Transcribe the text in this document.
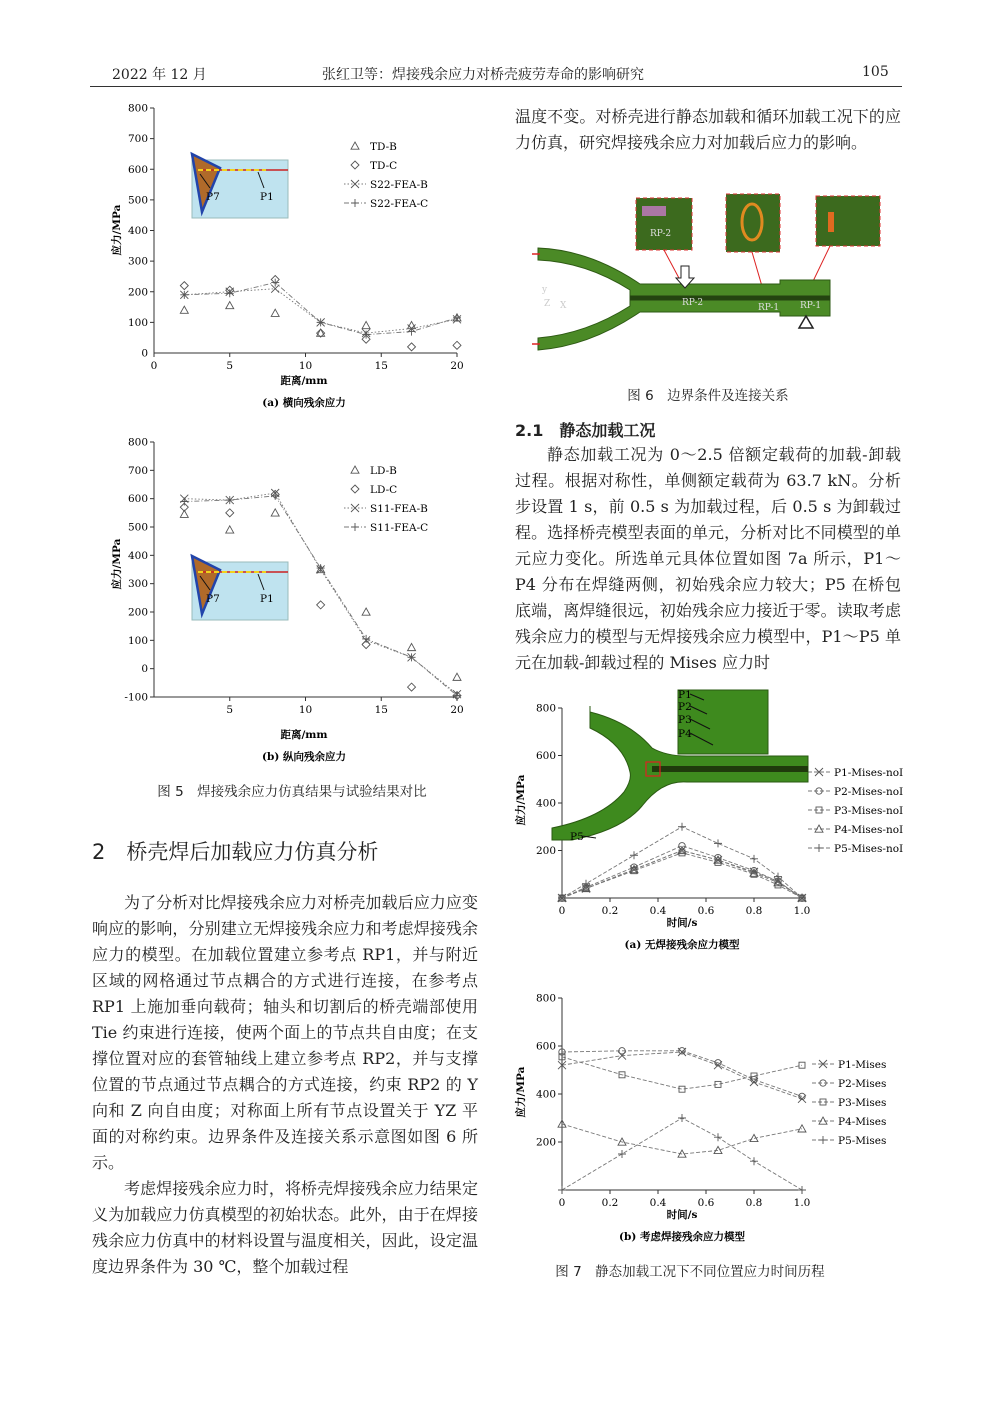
2022 年 12 月	张红卫等：焊接残余应力对桥壳疲劳寿命的影响研究	105
100
200
300
400
500
600
700
800
0
0	5	10	15	20
距离/mm
(a) 横向残余应力
应力/MPa
TD-B
TD-C
S22-FEA-B
S22-FEA-C
P7	P1
-100
0
100
200
300
400
500
600
700
800
5	10	15	20
距离/mm
(b) 纵向残余应力
应力/MPa
LD-B
LD-C
S11-FEA-B
S11-FEA-C
P7	P1
图 5　焊接残余应力仿真结果与试验结果对比
2　桥壳焊后加载应力仿真分析

为了分析对比焊接残余应力对桥壳加载后应力应变响应的影响，分别建立无焊接残余应力和考虑焊接残余应力的模型。在加载位置建立参考点 RP1，并与附近区域的网格通过节点耦合的方式进行连接，在参考点 RP1 上施加垂向载荷；轴头和切割后的桥壳端部使用 Tie 约束进行连接，使两个面上的节点共自由度；在支撑位置对应的套管轴线上建立参考点 RP2，并与支撑位置的节点通过节点耦合的方式连接，约束 RP2 的 Y 向和 Z 向自由度；对称面上所有节点设置关于 YZ 平面的对称约束。边界条件及连接关系示意图如图 6 所示。

考虑焊接残余应力时，将桥壳焊接残余应力结果定义为加载应力仿真模型的初始状态。此外，由于在焊接残余应力仿真中的材料设置与温度相关，因此，设定温度边界条件为 30 ℃，整个加载过程

温度不变。对桥壳进行静态加载和循环加载工况下的应力仿真，研究焊接残余应力对加载后应力的影响。

RP-2
RP-2	RP-1 RP-1
y
Z X
图 6　边界条件及连接关系
2.1　静态加载工况

静态加载工况为 0～2.5 倍额定载荷的加载-卸载过程。根据对称性，单侧额定载荷为 63.7 kN。分析步设置 1 s，前 0.5 s 为加载过程，后 0.5 s 为卸载过程。选择桥壳模型表面的单元，分析对比不同模型的单元应力变化。所选单元具体位置如图 7a 所示，P1～P4 分布在焊缝两侧，初始残余应力较大；P5 在桥包底端，离焊缝很远，初始残余应力接近于零。读取考虑残余应力的模型与无焊接残余应力模型中，P1～P5 单元在加载-卸载过程的 Mises 应力时

200
400
600
800
0	0.2	0.4	0.6	0.8	1.0
时间/s
(a) 无焊接残余应力模型
应力/MPa
P1-Mises-noI
P2-Mises-noI
P3-Mises-noI
P4-Mises-noI
P5-Mises-noI
P1
P2
P3
P4
P5
200
400
600
800
0	0.2	0.4	0.6	0.8	1.0
时间/s
(b) 考虑焊接残余应力模型
应力/MPa
P1-Mises
P2-Mises
P3-Mises
P4-Mises
P5-Mises
图 7　静态加载工况下不同位置应力时间历程
